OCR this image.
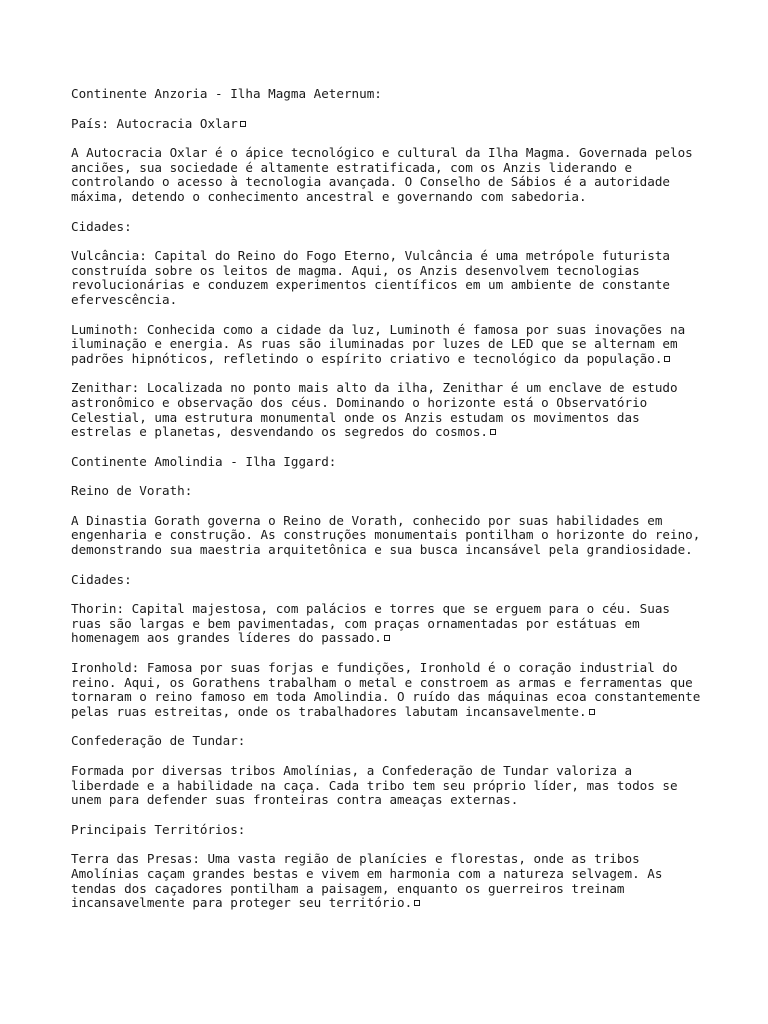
Continente Anzoria - Ilha Magma Aeternum:
País: Autocracia Oxlar
A Autocracia Oxlar é o ápice tecnológico e cultural da Ilha Magma. Governada pelos
anciões, sua sociedade é altamente estratificada, com os Anzis liderando e
controlando o acesso à tecnologia avançada. O Conselho de Sábios é a autoridade
máxima, detendo o conhecimento ancestral e governando com sabedoria.
Cidades:
Vulcância: Capital do Reino do Fogo Eterno, Vulcância é uma metrópole futurista
construída sobre os leitos de magma. Aqui, os Anzis desenvolvem tecnologias
revolucionárias e conduzem experimentos científicos em um ambiente de constante
efervescência.
Luminoth: Conhecida como a cidade da luz, Luminoth é famosa por suas inovações na
iluminação e energia. As ruas são iluminadas por luzes de LED que se alternam em
padrões hipnóticos, refletindo o espírito criativo e tecnológico da população.
Zenithar: Localizada no ponto mais alto da ilha, Zenithar é um enclave de estudo
astronômico e observação dos céus. Dominando o horizonte está o Observatório
Celestial, uma estrutura monumental onde os Anzis estudam os movimentos das
estrelas e planetas, desvendando os segredos do cosmos.
Continente Amolindia - Ilha Iggard:
Reino de Vorath:
A Dinastia Gorath governa o Reino de Vorath, conhecido por suas habilidades em
engenharia e construção. As construções monumentais pontilham o horizonte do reino,
demonstrando sua maestria arquitetônica e sua busca incansável pela grandiosidade.
Cidades:
Thorin: Capital majestosa, com palácios e torres que se erguem para o céu. Suas
ruas são largas e bem pavimentadas, com praças ornamentadas por estátuas em
homenagem aos grandes líderes do passado.
Ironhold: Famosa por suas forjas e fundições, Ironhold é o coração industrial do
reino. Aqui, os Gorathens trabalham o metal e constroem as armas e ferramentas que
tornaram o reino famoso em toda Amolindia. O ruído das máquinas ecoa constantemente
pelas ruas estreitas, onde os trabalhadores labutam incansavelmente.
Confederação de Tundar:
Formada por diversas tribos Amolínias, a Confederação de Tundar valoriza a
liberdade e a habilidade na caça. Cada tribo tem seu próprio líder, mas todos se
unem para defender suas fronteiras contra ameaças externas.
Principais Territórios:
Terra das Presas: Uma vasta região de planícies e florestas, onde as tribos
Amolínias caçam grandes bestas e vivem em harmonia com a natureza selvagem. As
tendas dos caçadores pontilham a paisagem, enquanto os guerreiros treinam
incansavelmente para proteger seu território.
